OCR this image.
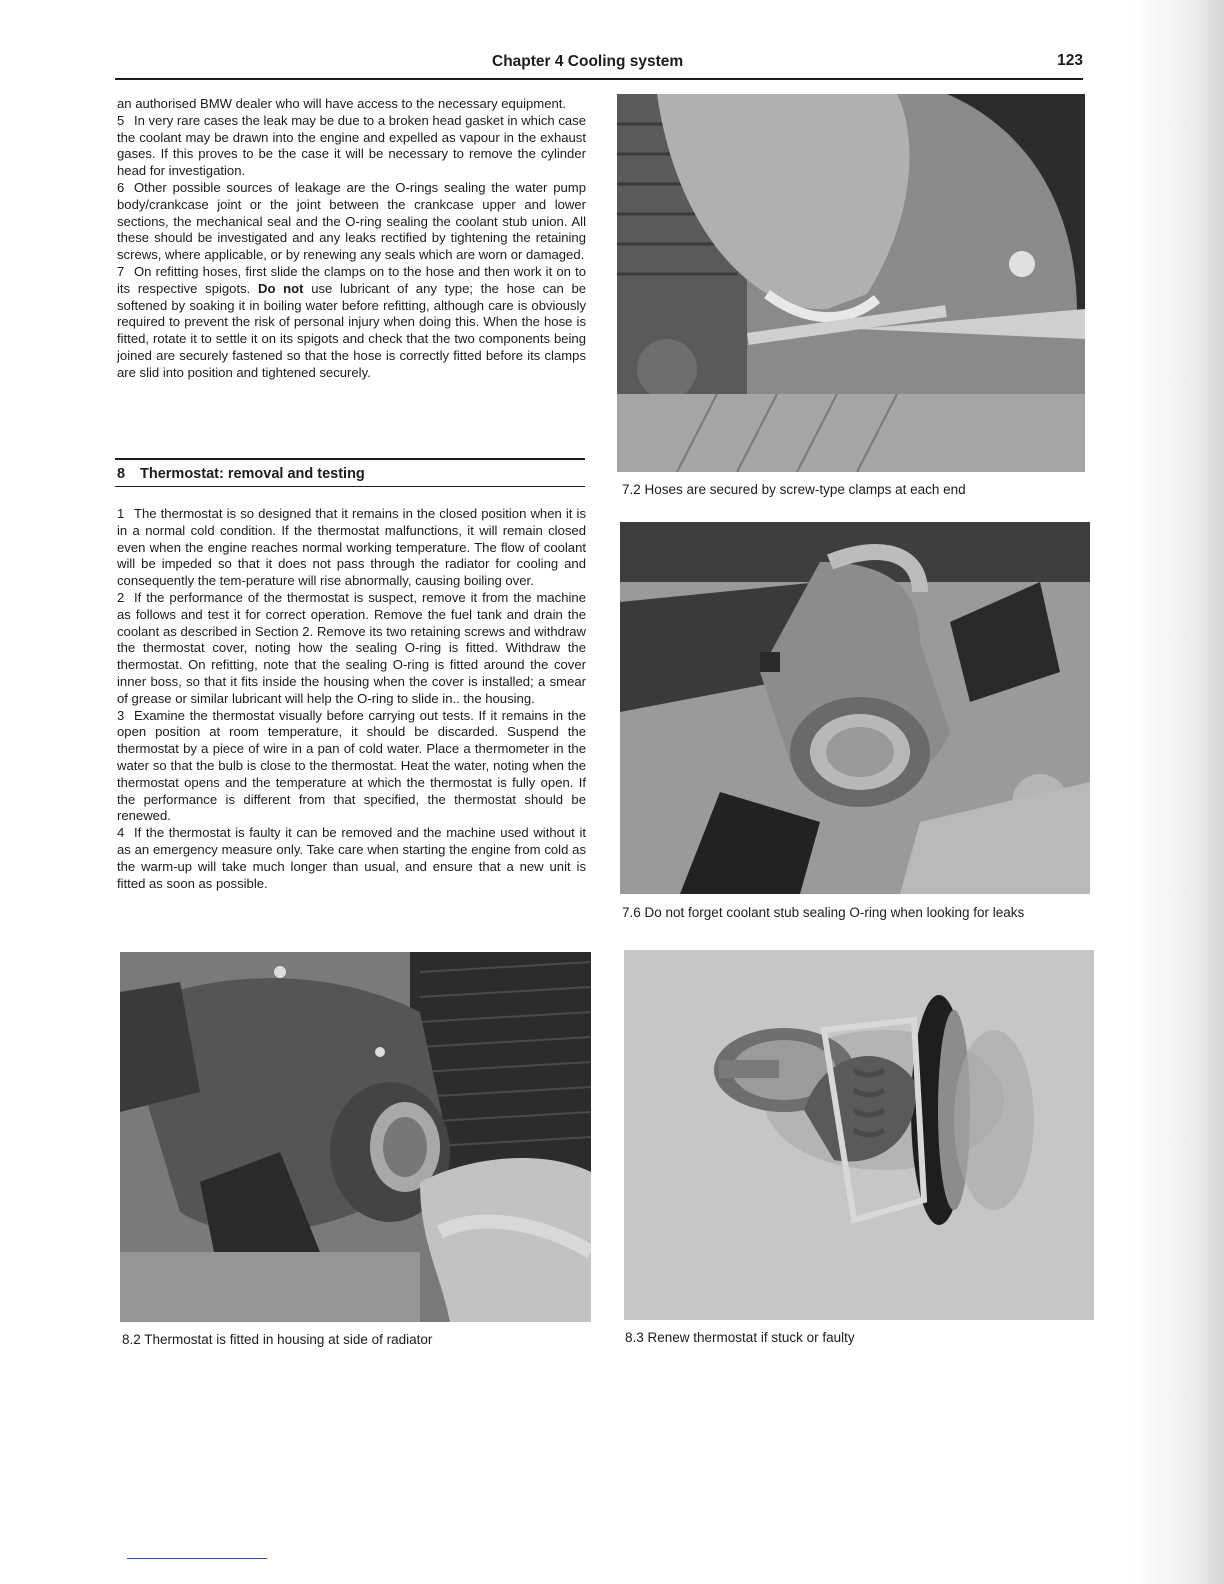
Chapter 4 Cooling system	123

an authorised BMW dealer who will have access to the necessary equipment.

5 In very rare cases the leak may be due to a broken head gasket in which case the coolant may be drawn into the engine and expelled as vapour in the exhaust gases. If this proves to be the case it will be necessary to remove the cylinder head for investigation.

6 Other possible sources of leakage are the O-rings sealing the water pump body/crankcase joint or the joint between the crankcase upper and lower sections, the mechanical seal and the O-ring sealing the coolant stub union. All these should be investigated and any leaks rectified by tightening the retaining screws, where applicable, or by renewing any seals which are worn or damaged.

7 On refitting hoses, first slide the clamps on to the hose and then work it on to its respective spigots. Do not use lubricant of any type; the hose can be softened by soaking it in boiling water before refitting, although care is obviously required to prevent the risk of personal injury when doing this. When the hose is fitted, rotate it to settle it on its spigots and check that the two components being joined are securely fastened so that the hose is correctly fitted before its clamps are slid into position and tightened securely.

8 Thermostat: removal and testing

1 The thermostat is so designed that it remains in the closed position when it is in a normal cold condition. If the thermostat malfunctions, it will remain closed even when the engine reaches normal working temperature. The flow of coolant will be impeded so that it does not pass through the radiator for cooling and consequently the tem-perature will rise abnormally, causing boiling over.

2 If the performance of the thermostat is suspect, remove it from the machine as follows and test it for correct operation. Remove the fuel tank and drain the coolant as described in Section 2. Remove its two retaining screws and withdraw the thermostat cover, noting how the sealing O-ring is fitted. Withdraw the thermostat. On refitting, note that the sealing O-ring is fitted around the cover inner boss, so that it fits inside the housing when the cover is installed; a smear of grease or similar lubricant will help the O-ring to slide in.. the housing.

3 Examine the thermostat visually before carrying out tests. If it remains in the open position at room temperature, it should be discarded. Suspend the thermostat by a piece of wire in a pan of cold water. Place a thermometer in the water so that the bulb is close to the thermostat. Heat the water, noting when the thermostat opens and the temperature at which the thermostat is fully open. If the performance is different from that specified, the thermostat should be renewed.

4 If the thermostat is faulty it can be removed and the machine used without it as an emergency measure only. Take care when starting the engine from cold as the warm-up will take much longer than usual, and ensure that a new unit is fitted as soon as possible.

7.2 Hoses are secured by screw-type clamps at each end
7.6 Do not forget coolant stub sealing O-ring when looking for leaks
8.2 Thermostat is fitted in housing at side of radiator	8.3 Renew thermostat if stuck or faulty
